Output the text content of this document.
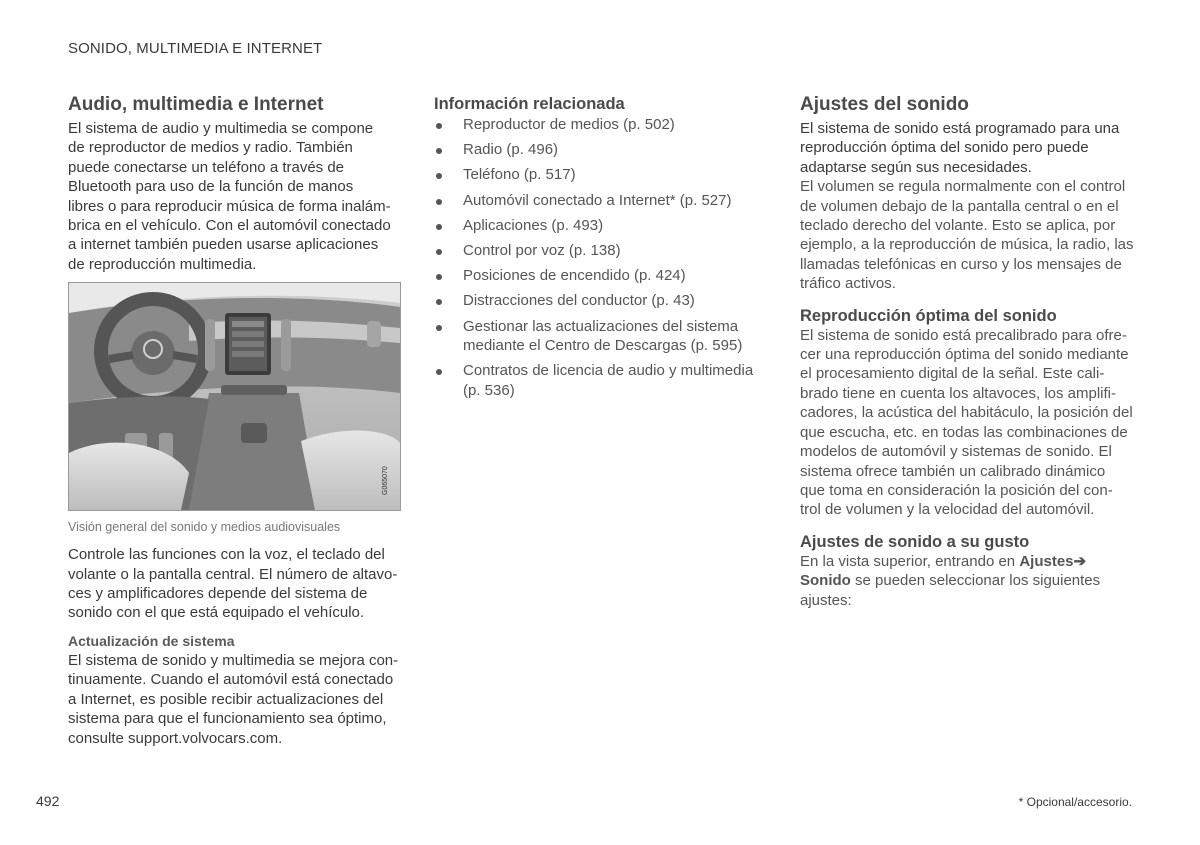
SONIDO, MULTIMEDIA E INTERNET
Audio, multimedia e Internet

El sistema de audio y multimedia se compone

de reproductor de medios y radio. También

puede conectarse un teléfono a través de

Bluetooth para uso de la función de manos

libres o para reproducir música de forma inalám-

brica en el vehículo. Con el automóvil conectado

a internet también pueden usarse aplicaciones

de reproducción multimedia.

G065070
Visión general del sonido y medios audiovisuales

Controle las funciones con la voz, el teclado del

volante o la pantalla central. El número de altavo-

ces y amplificadores depende del sistema de

sonido con el que está equipado el vehículo.

Actualización de sistema

El sistema de sonido y multimedia se mejora con-

tinuamente. Cuando el automóvil está conectado

a Internet, es posible recibir actualizaciones del

sistema para que el funcionamiento sea óptimo,

consulte support.volvocars.com.

Información relacionada
Reproductor de medios (p. 502)
Radio (p. 496)
Teléfono (p. 517)
Automóvil conectado a Internet* (p. 527)
Aplicaciones (p. 493)
Control por voz (p. 138)
Posiciones de encendido (p. 424)
Distracciones del conductor (p. 43)
Gestionar las actualizaciones del sistema
mediante el Centro de Descargas (p. 595)
Contratos de licencia de audio y multimedia
(p. 536)
Ajustes del sonido

El sistema de sonido está programado para una

reproducción óptima del sonido pero puede

adaptarse según sus necesidades.

El volumen se regula normalmente con el control

de volumen debajo de la pantalla central o en el

teclado derecho del volante. Esto se aplica, por

ejemplo, a la reproducción de música, la radio, las

llamadas telefónicas en curso y los mensajes de

tráfico activos.

Reproducción óptima del sonido

El sistema de sonido está precalibrado para ofre-

cer una reproducción óptima del sonido mediante

el procesamiento digital de la señal. Este cali-

brado tiene en cuenta los altavoces, los amplifi-

cadores, la acústica del habitáculo, la posición del

que escucha, etc. en todas las combinaciones de

modelos de automóvil y sistemas de sonido. El

sistema ofrece también un calibrado dinámico

que toma en consideración la posición del con-

trol de volumen y la velocidad del automóvil.

Ajustes de sonido a su gusto

En la vista superior, entrando en Ajustes➔

Sonido se pueden seleccionar los siguientes

ajustes:

492	* Opcional/accesorio.
